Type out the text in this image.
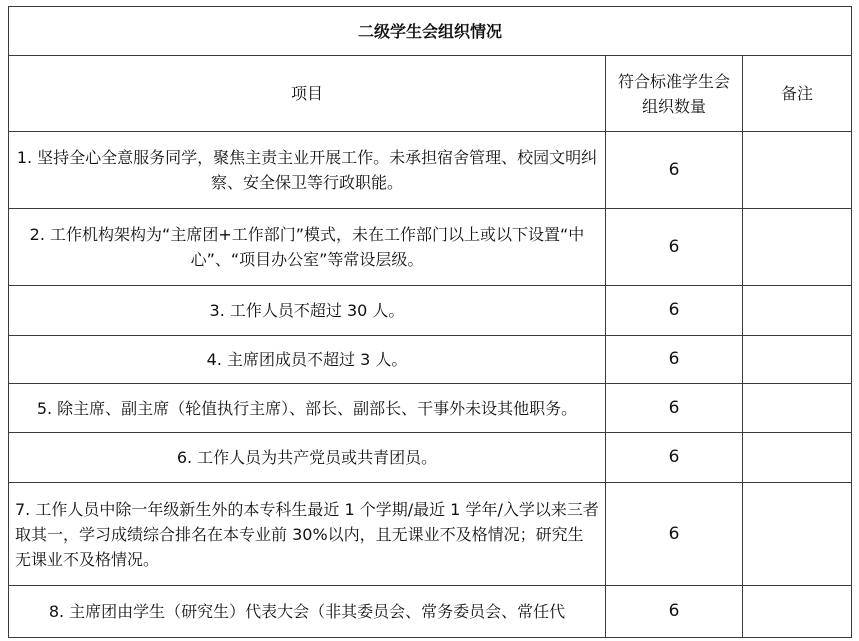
二级学生会组织情况		
项目	符合标准学生会组织数量	备注
1. 坚持全心全意服务同学，聚焦主责主业开展工作。未承担宿舍管理、校园文明纠察、安全保卫等行政职能。	6	
2. 工作机构架构为“主席团+工作部门”模式，未在工作部门以上或以下设置“中心”、“项目办公室”等常设层级。	6	
3. 工作人员不超过 30 人。	6	
4. 主席团成员不超过 3 人。	6	
5. 除主席、副主席（轮值执行主席）、部长、副部长、干事外未设其他职务。	6	
6. 工作人员为共产党员或共青团员。	6	
7. 工作人员中除一年级新生外的本专科生最近 1 个学期/最近 1 学年/入学以来三者取其一，学习成绩综合排名在本专业前 30%以内，且无课业不及格情况；研究生无课业不及格情况。	6	
8. 主席团由学生（研究生）代表大会（非其委员会、常务委员会、常任代	6	
